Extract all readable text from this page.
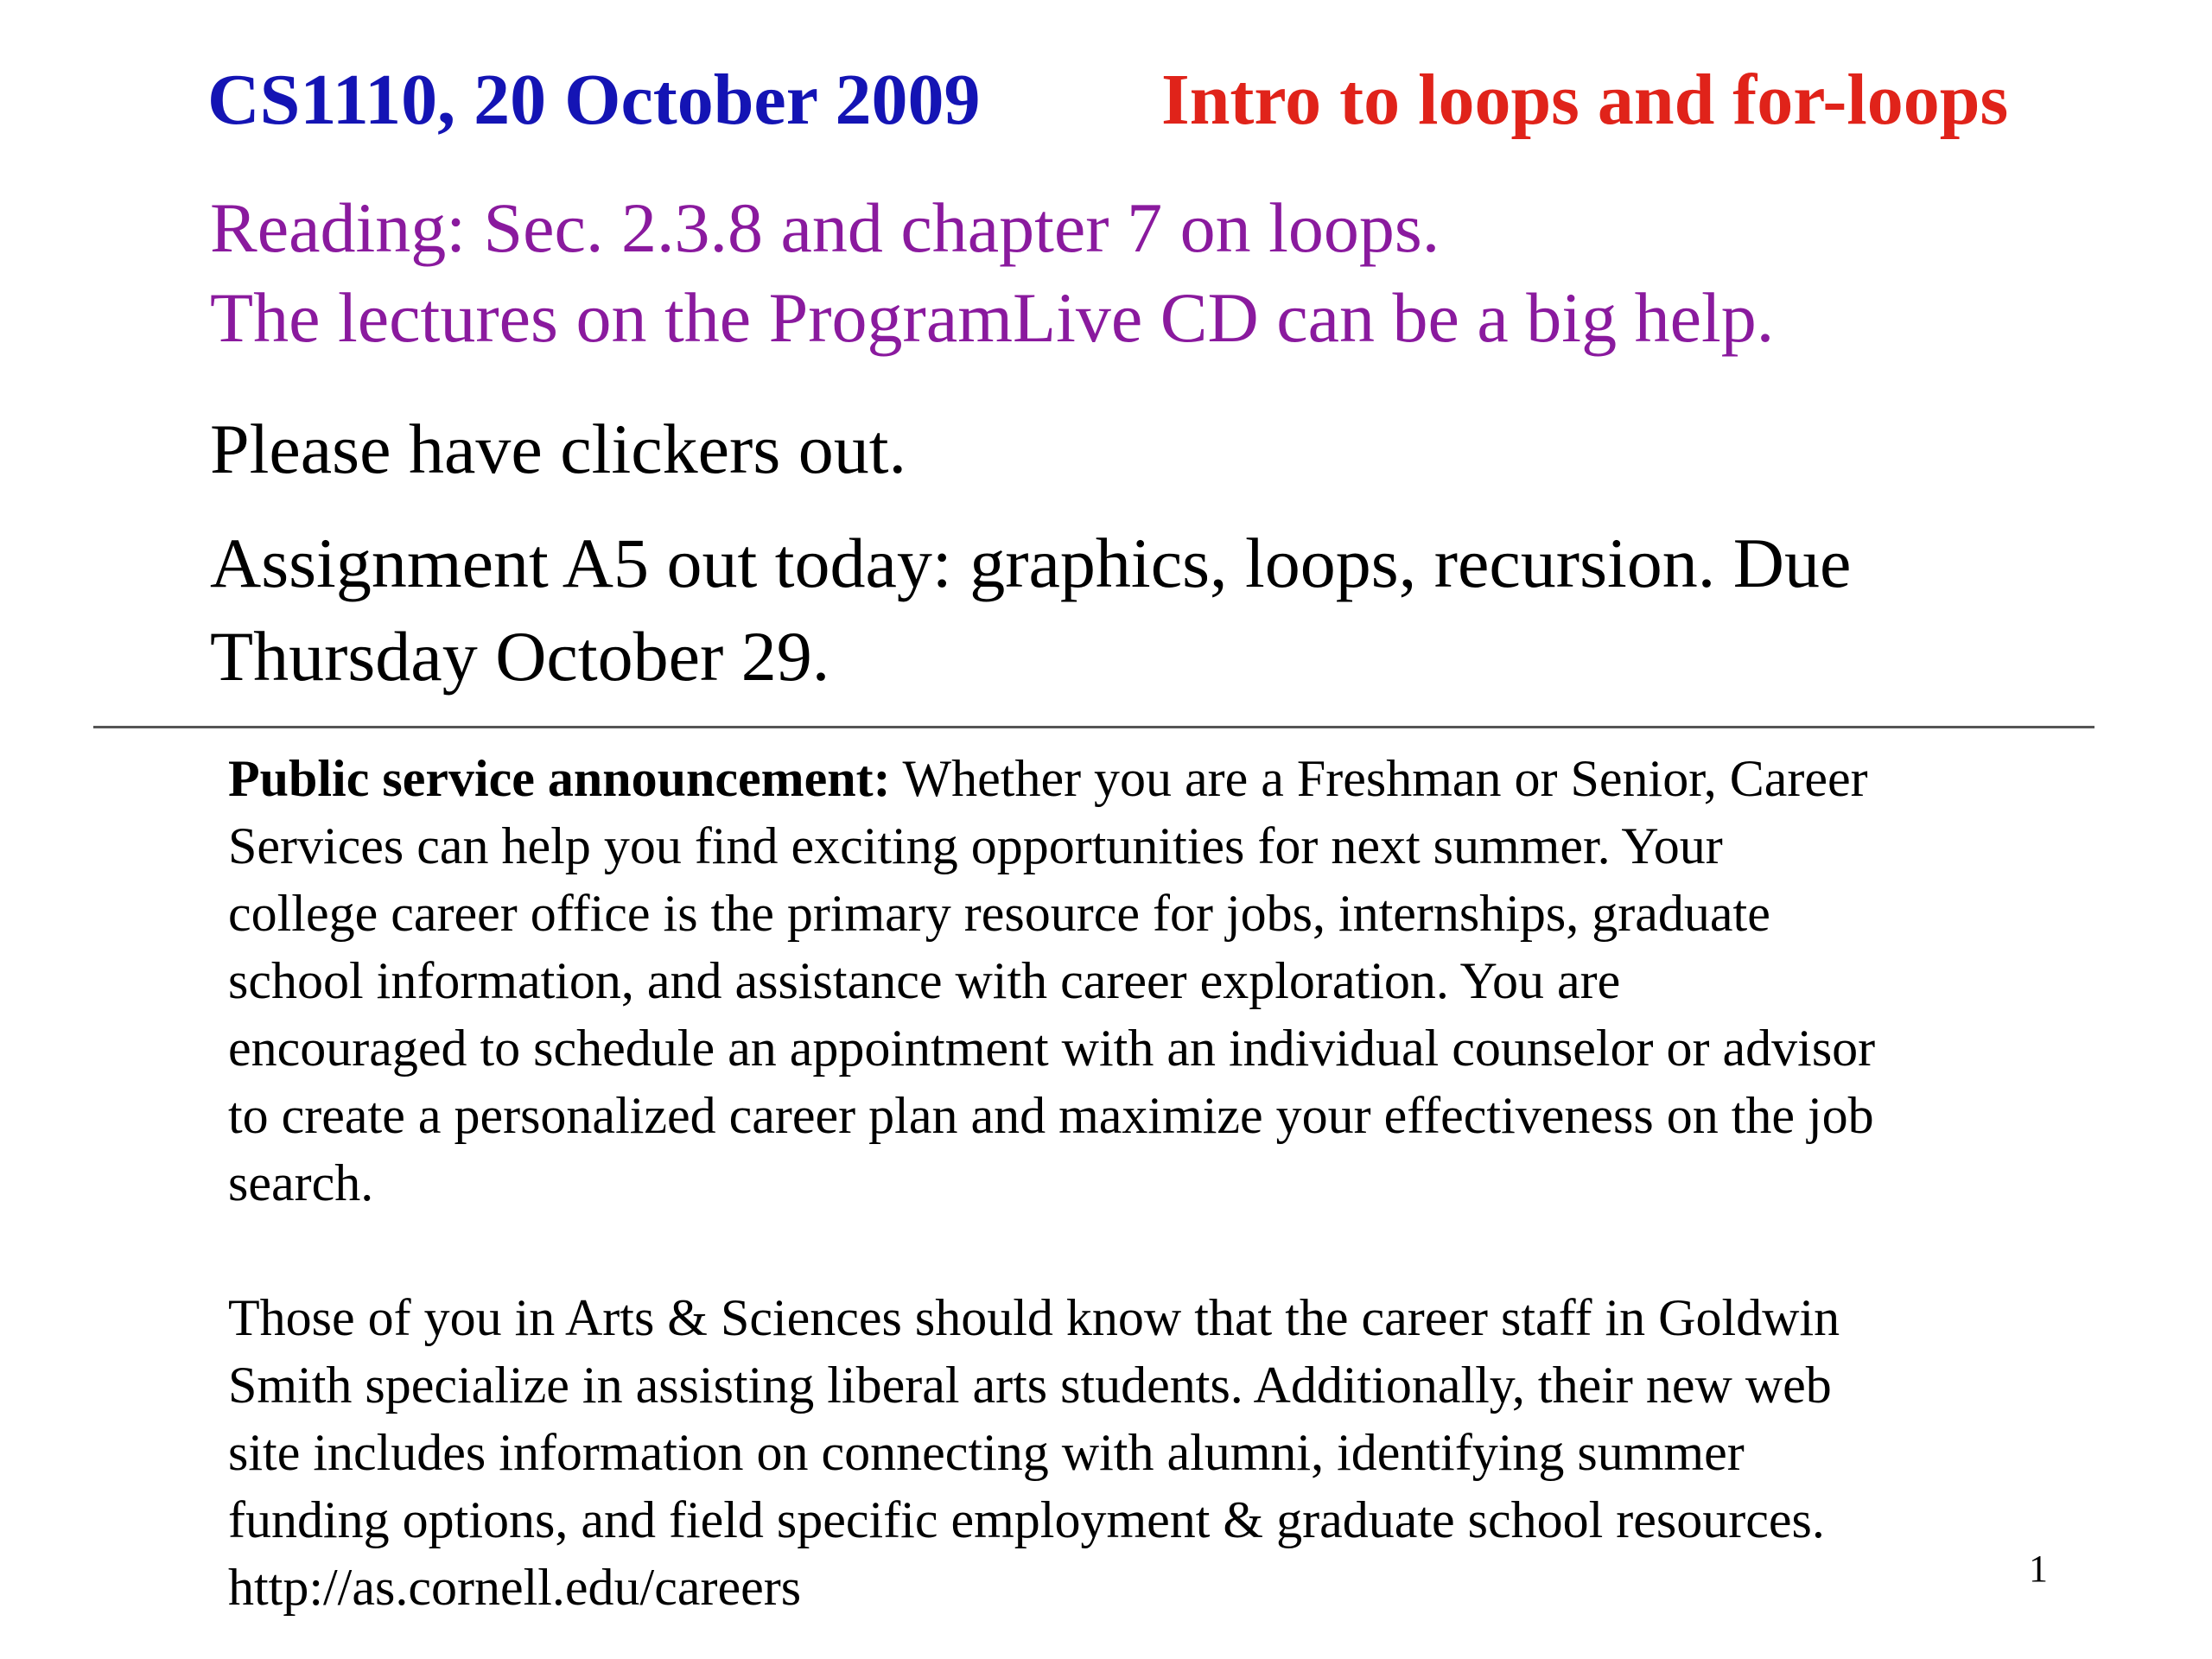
CS1110, 20 October 2009 Intro to loops and for-loops
Reading: Sec. 2.3.8 and chapter 7 on loops.
The lectures on the ProgramLive CD can be a big help.
Please have clickers out.
Assignment A5 out today: graphics, loops, recursion. Due
Thursday October 29.
Public service announcement: Whether you are a Freshman or Senior, Career
Services can help you find exciting opportunities for next summer. Your
college career office is the primary resource for jobs, internships, graduate
school information, and assistance with career exploration. You are
encouraged to schedule an appointment with an individual counselor or advisor
to create a personalized career plan and maximize your effectiveness on the job
search.
Those of you in Arts & Sciences should know that the career staff in Goldwin
Smith specialize in assisting liberal arts students. Additionally, their new web
site includes information on connecting with alumni, identifying summer
funding options, and field specific employment & graduate school resources.
http://as.cornell.edu/careers	1
